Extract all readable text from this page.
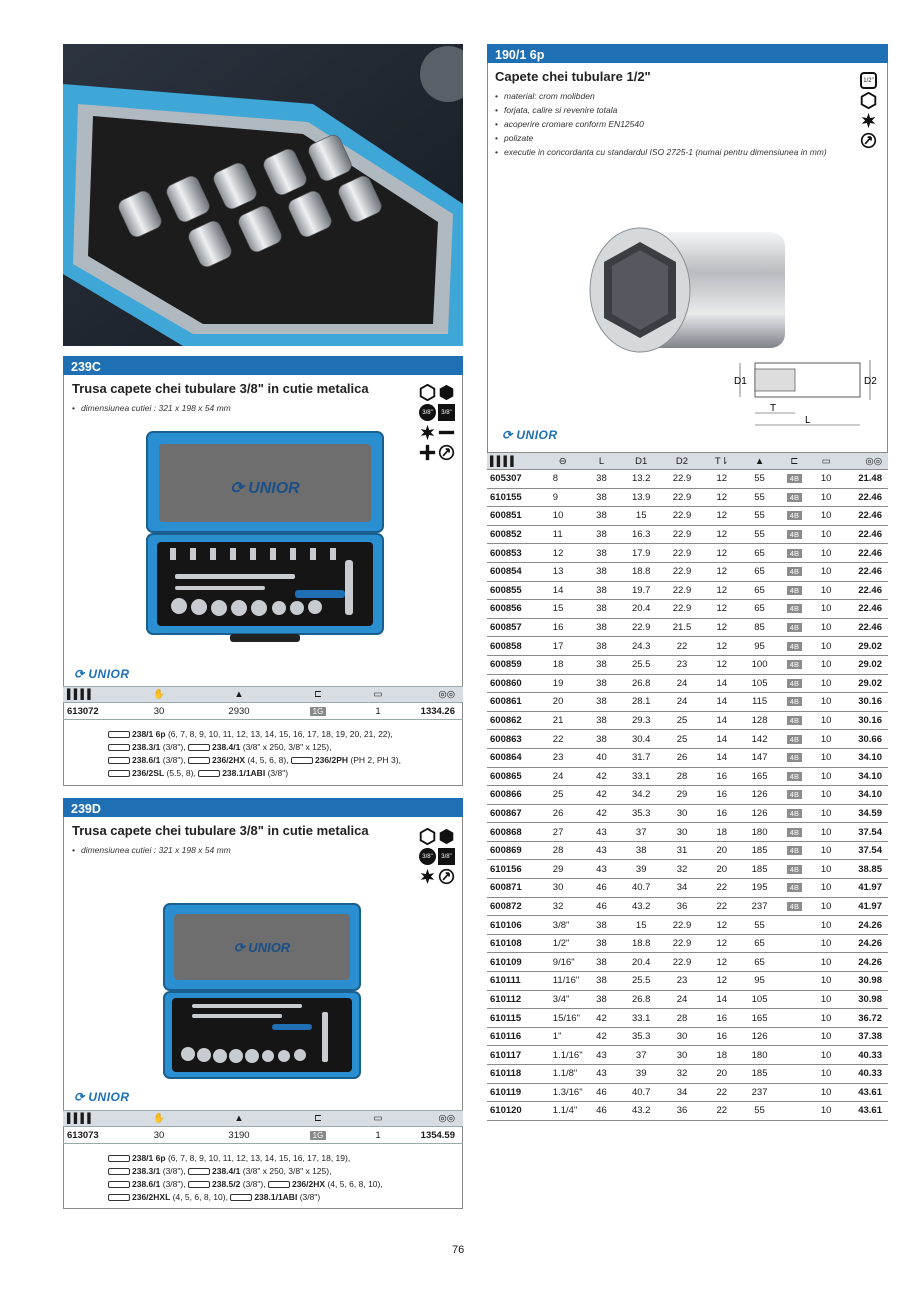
239C
Trusa capete chei tubulare 3/8" in cutie metalica
• dimensiunea cutiei : 321 x 198 x 54 mm	3/8"	3/8"
⟳ UNIOR
⟳ UNIOR
▌▌▌▌	✋	▲	⊏	▭	◎◎
613072	30	2930	1G	1	1334.26
238/1 6p (6, 7, 8, 9, 10, 11, 12, 13, 14, 15, 16, 17, 18, 19, 20, 21, 22),
238.3/1 (3/8"),	238.4/1 (3/8" x 250, 3/8" x 125),
238.6/1 (3/8"),	236/2HX (4, 5, 6, 8),	236/2PH (PH 2, PH 3),
236/2SL (5.5, 8),	238.1/1ABI (3/8")
239D
Trusa capete chei tubulare 3/8" in cutie metalica
• dimensiunea cutiei : 321 x 198 x 54 mm
3/8"	3/8"
⟳ UNIOR
⟳ UNIOR
▌▌▌▌	✋	▲	⊏	▭	◎◎
613073	30	3190	1G	1	1354.59
238/1 6p (6, 7, 8, 9, 10, 11, 12, 13, 14, 15, 16, 17, 18, 19),
238.3/1 (3/8"),	238.4/1 (3/8" x 250, 3/8" x 125),
238.6/1 (3/8"),	238.5/2 (3/8"),	236/2HX (4, 5, 6, 8, 10),
236/2HXL (4, 5, 6, 8, 10),	238.1/1ABI (3/8")
190/1 6p
Capete chei tubulare 1/2"
• material: crom molibden
• forjata, calire si revenire totala
• acoperire cromare conform EN12540
• polizate
• executie in concordanta cu standardul ISO 2725-1 (numai pentru dimensiunea in mm)
1/2"
D1	D2
T
L
⟳ UNIOR
▌▌▌▌	⊖	L	D1	D2	T⇂	▲	⊏	▭	◎◎
605307	8	38	13.2	22.9	12	55	4B	10	21.48
610155	9	38	13.9	22.9	12	55	4B	10	22.46
600851	10	38	15	22.9	12	55	4B	10	22.46
600852	11	38	16.3	22.9	12	55	4B	10	22.46
600853	12	38	17.9	22.9	12	65	4B	10	22.46
600854	13	38	18.8	22.9	12	65	4B	10	22.46
600855	14	38	19.7	22.9	12	65	4B	10	22.46
600856	15	38	20.4	22.9	12	65	4B	10	22.46
600857	16	38	22.9	21.5	12	85	4B	10	22.46
600858	17	38	24.3	22	12	95	4B	10	29.02
600859	18	38	25.5	23	12	100	4B	10	29.02
600860	19	38	26.8	24	14	105	4B	10	29.02
600861	20	38	28.1	24	14	115	4B	10	30.16
600862	21	38	29.3	25	14	128	4B	10	30.16
600863	22	38	30.4	25	14	142	4B	10	30.66
600864	23	40	31.7	26	14	147	4B	10	34.10
600865	24	42	33.1	28	16	165	4B	10	34.10
600866	25	42	34.2	29	16	126	4B	10	34.10
600867	26	42	35.3	30	16	126	4B	10	34.59
600868	27	43	37	30	18	180	4B	10	37.54
600869	28	43	38	31	20	185	4B	10	37.54
610156	29	43	39	32	20	185	4B	10	38.85
600871	30	46	40.7	34	22	195	4B	10	41.97
600872	32	46	43.2	36	22	237	4B	10	41.97
610106	3/8"	38	15	22.9	12	55		10	24.26
610108	1/2"	38	18.8	22.9	12	65		10	24.26
610109	9/16"	38	20.4	22.9	12	65		10	24.26
610111	11/16"	38	25.5	23	12	95		10	30.98
610112	3/4"	38	26.8	24	14	105		10	30.98
610115	15/16"	42	33.1	28	16	165		10	36.72
610116	1"	42	35.3	30	16	126		10	37.38
610117	1.1/16"	43	37	30	18	180		10	40.33
610118	1.1/8"	43	39	32	20	185		10	40.33
610119	1.3/16"	46	40.7	34	22	237		10	43.61
610120	1.1/4"	46	43.2	36	22	55		10	43.61
76
